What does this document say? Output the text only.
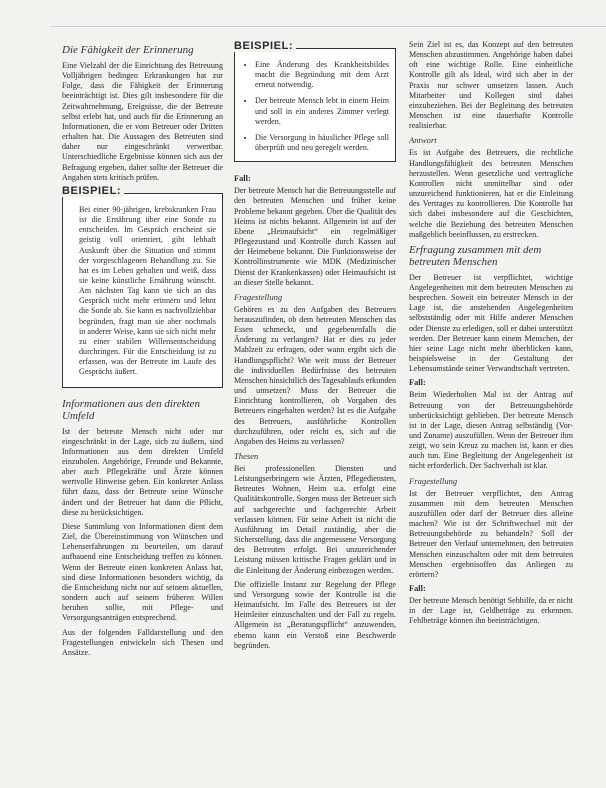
Die Fähigkeit der Erinnerung

Eine Vielzahl der die Einrichtung des Betreuung Volljährigen bedingen Erkrankungen hat zur Folge, dass die Fähigkeit der Erinnerung beeinträchtigt ist. Dies gilt insbesondere für die Zeitwahrnehmung, Ereignisse, die der Betreute selbst erlebt hat, und auch für die Erinnerung an Informationen, die er vom Betreuer oder Dritten erhalten hat. Die Aussagen des Betreuten sind daher nur eingeschränkt verwertbar. Unterschiedliche Ergebnisse können sich aus der Befragung ergeben, daher sollte der Betreuer die Angaben stets kritisch prüfen.

BEISPIEL:

Bei einer 90-jährigen, krebskranken Frau ist die Ernährung über eine Sonde zu entscheiden. Im Gespräch erscheint sie geistig voll orientiert, gibt lebhaft Auskunft über die Situation und stimmt der vorgeschlagenen Behandlung zu. Sie hat es im Leben gehalten und weiß, dass sie keine künstliche Ernährung wünscht. Am nächsten Tag kann sie sich an das Gespräch nicht mehr erinnern und lehnt die Sonde ab. Sie kann es nachvollziehbar begründen, fragt man sie aber nochmals in anderer Weise, kann sie sich nicht mehr zu einer stabilen Willensentscheidung durchringen. Für die Entscheidung ist zu erfassen, was der Betreute im Laufe des Gesprächs äußert.

Informationen aus den direkten Umfeld

Ist der betreute Mensch nicht oder nur eingeschränkt in der Lage, sich zu äußern, sind Informationen aus dem direkten Umfeld einzuholen. Angehörige, Freunde und Bekannte, aber auch Pflegekräfte und Ärzte können wertvolle Hinweise geben. Ein konkreter Anlass führt dazu, dass der Betreute seine Wünsche ändert und der Betreuer hat dann die Pflicht, diese zu berücksichtigen.

Diese Sammlung von Informationen dient dem Ziel, die Übereinstimmung von Wünschen und Lebenserfahrungen zu beurteilen, um darauf aufbauend eine Entscheidung treffen zu können. Wenn der Betreute einen konkreten Anlass hat, sind diese Informationen besonders wichtig, da die Entscheidung nicht nur auf seinem aktuellen, sondern auch auf seinem früheren Willen beruhen sollte, mit Pflege- und Versorgungsanträgen entsprechend.

Aus der folgenden Falldarstellung und den Fragestellungen entwickeln sich Thesen und Ansätze.

BEISPIEL:
• Eine Änderung des Krankheitsbildes macht die Begründung mit dem Arzt erneut notwendig.
• Der betreute Mensch lebt in einem Heim und soll in ein anderes Zimmer verlegt werden.
• Die Versorgung in häuslicher Pflege soll überprüft und neu geregelt werden.
Fall:

Der betreute Mensch hat die Betreuungsstelle auf den betreuten Menschen und früher keine Probleme bekannt gegeben. Über die Qualität des Heims ist nichts bekannt. Allgemein ist auf der Ebene „Heimaufsicht“ ein regelmäßiger Pflegezustand und Kontrolle durch Kassen auf der Heimebene bekannt. Die Funktionsweise der Kontrollinstrumente wie MDK (Medizinischer Dienst der Krankenkassen) oder Heimaufsicht ist an dieser Stelle bekannt.

Fragestellung

Gehören es zu den Aufgaben des Betreuers herauszufinden, ob dem betreuten Menschen das Essen schmeckt, und gegebenenfalls die Änderung zu verlangen? Hat er dies zu jeder Mahlzeit zu erfragen, oder wann ergibt sich die Handlungspflicht? Wie weit muss der Betreuer die individuellen Bedürfnisse des betreuten Menschen hinsichtlich des Tagesablaufs erkunden und umsetzen? Muss der Betreuer die Einrichtung kontrollieren, ob Vorgaben des Betreuers eingehalten werden? Ist es die Aufgabe des Betreuers, ausführliche Kontrollen durchzuführen, oder reicht es, sich auf die Angaben des Heims zu verlassen?

Thesen

Bei professionellen Diensten und Leistungserbringern wie Ärzten, Pflegediensten, Betreutes Wohnen, Heim u.a. erfolgt eine Qualitätskontrolle. Sorgen muss der Betreuer sich auf sachgerechte und fachgerechte Arbeit verlassen können. Für seine Arbeit ist nicht die Ausführung im Detail zuständig, aber die Sicherstellung, dass die angemessene Versorgung des Betreuten erfolgt. Bei unzureichender Leistung müssen kritische Fragen geklärt und in die Einleitung der Änderung einbezogen werden.

Die offizielle Instanz zur Regelung der Pflege und Versorgung sowie der Kontrolle ist die Heimaufsicht. Im Falle des Betreuers ist der Heimleiter einzuschalten und der Fall zu regeln. Allgemein ist „Beratungspflicht“ anzuwenden, ebenso kann ein Verstoß eine Beschwerde begründen.

Sein Ziel ist es, das Konzept auf den betreuten Menschen abzustimmen. Angehörige haben dabei oft eine wichtige Rolle. Eine einheitliche Kontrolle gilt als Ideal, wird sich aber in der Praxis nur schwer umsetzen lassen. Auch Mitarbeiter und Kollegen sind dabei einzubeziehen. Bei der Begleitung des betreuten Menschen ist eine dauerhafte Kontrolle realisierbar.

Antwort

Es ist Aufgabe des Betreuers, die rechtliche Handlungsfähigkeit des betreuten Menschen herzustellen. Wenn gesetzliche und vertragliche Kontrollen nicht unmittelbar sind oder unzureichend funktionieren, hat er die Einleitung des Vertrages zu kontrollieren. Die Kontrolle hat sich dabei insbesondere auf die Geschichten, welche die Beziehung des betreuten Menschen maßgeblich beeinflussen, zu erstrecken.

Erfragung zusammen mit dem betreuten Menschen

Der Betreuer ist verpflichtet, wichtige Angelegenheiten mit dem betreuten Menschen zu besprechen. Soweit ein betreuter Mensch in der Lage ist, die anstehenden Angelegenheiten selbstständig oder mit Hilfe anderer Menschen oder Dienste zu erledigen, soll er dabei unterstützt werden. Der Betreuer kann einem Menschen, der hier seine Lage nicht mehr überblicken kann, beispielsweise in der Gestaltung der Lebensumstände seiner Verwandtschaft vertreten.

Fall:

Beim Wiederholten Mal ist der Antrag auf Betreuung von der Betreuungsbehörde unberücksichtigt geblieben. Der betreute Mensch ist in der Lage, diesen Antrag selbständig (Vor- und Zuname) auszufüllen. Wenn der Betreuer ihm zeigt, wo sein Kreuz zu machen ist, kann er dies auch tun. Eine Begleitung der Angelegenheit ist nicht erforderlich. Der Sachverhalt ist klar.

Fragestellung

Ist der Betreuer verpflichtet, den Antrag zusammen mit dem betreuten Menschen auszufüllen oder darf der Betreuer dies alleine machen? Wie ist der Schriftwechsel mit der Betreuungsbehörde zu behandeln? Soll der Betreuer den Verlauf unternehmen, den betreuten Menschen einzuschalten oder mit dem betreuten Menschen ergebnisoffen das Anliegen zu erörtern?

Fall:

Der betreute Mensch benötigt Sehhilfe, da er nicht in der Lage ist, Geldbeträge zu erkennen. Fehlbeträge können ihn beeinträchtigen.
